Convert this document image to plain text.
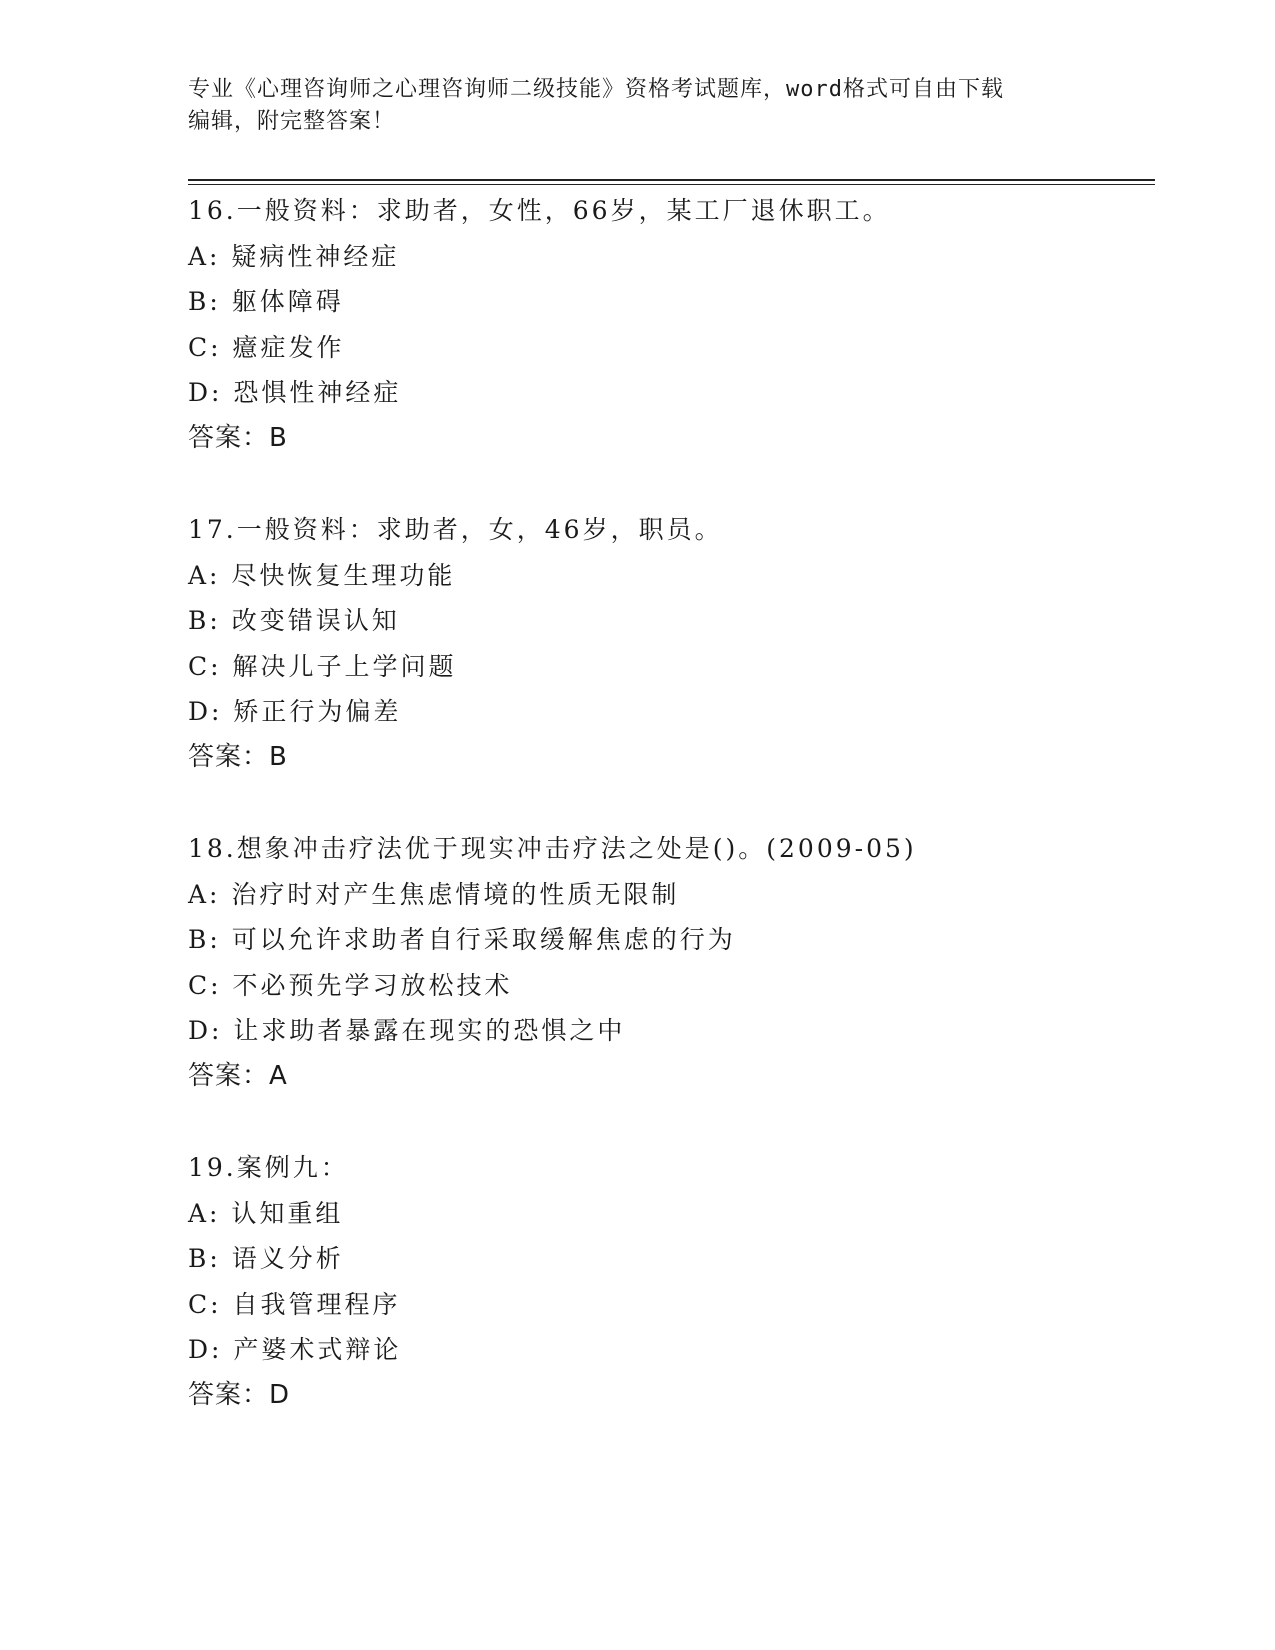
专业《心理咨询师之心理咨询师二级技能》资格考试题库，word格式可自由下载
编辑，附完整答案！
16.一般资料：求助者，女性，66岁，某工厂退休职工。
A: 疑病性神经症
B: 躯体障碍
C: 癔症发作
D: 恐惧性神经症
答案：B
17.一般资料：求助者，女，46岁，职员。
A: 尽快恢复生理功能
B: 改变错误认知
C: 解决儿子上学问题
D: 矫正行为偏差
答案：B
18.想象冲击疗法优于现实冲击疗法之处是()。(2009-05)
A: 治疗时对产生焦虑情境的性质无限制
B: 可以允许求助者自行采取缓解焦虑的行为
C: 不必预先学习放松技术
D: 让求助者暴露在现实的恐惧之中
答案：A
19.案例九：
A: 认知重组
B: 语义分析
C: 自我管理程序
D: 产婆术式辩论
答案：D
